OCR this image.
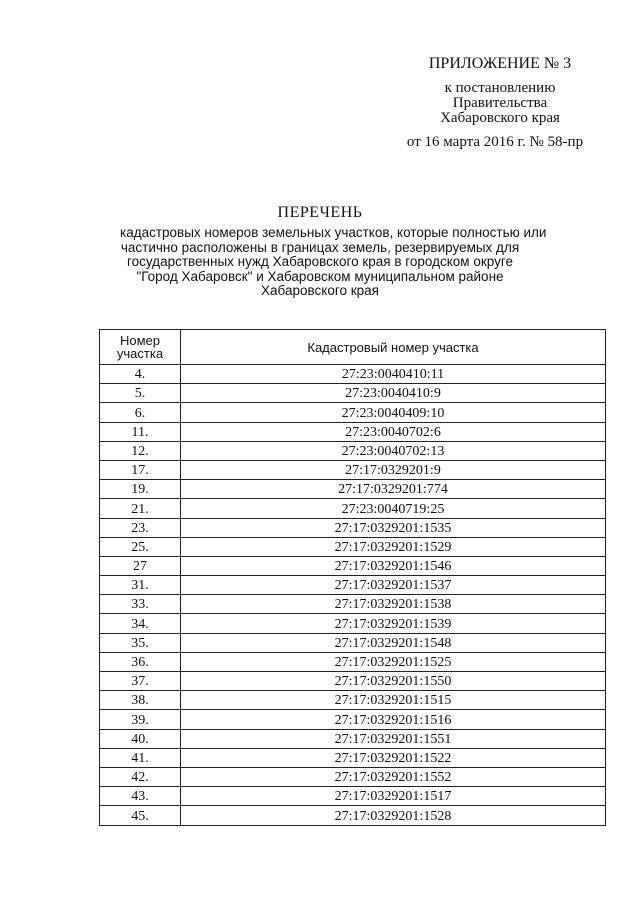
ПРИЛОЖЕНИЕ № 3
к постановлению
Правительства
Хабаровского края
от 16 марта 2016 г. № 58-пр
ПЕРЕЧЕНЬ
кадастровых номеров земельных участков, которые полностью или
частично расположены в границах земель, резервируемых для
государственных нужд Хабаровского края в городском округе
"Город Хабаровск" и Хабаровском муниципальном районе
Хабаровского края
Номер
участка	Кадастровый номер участка
4.	27:23:0040410:11
5.	27:23:0040410:9
6.	27:23:0040409:10
11.	27:23:0040702:6
12.	27:23:0040702:13
17.	27:17:0329201:9
19.	27:17:0329201:774
21.	27:23:0040719:25
23.	27:17:0329201:1535
25.	27:17:0329201:1529
27	27:17:0329201:1546
31.	27:17:0329201:1537
33.	27:17:0329201:1538
34.	27:17:0329201:1539
35.	27:17:0329201:1548
36.	27:17:0329201:1525
37.	27:17:0329201:1550
38.	27:17:0329201:1515
39.	27:17:0329201:1516
40.	27:17:0329201:1551
41.	27:17:0329201:1522
42.	27:17:0329201:1552
43.	27:17:0329201:1517
45.	27:17:0329201:1528
